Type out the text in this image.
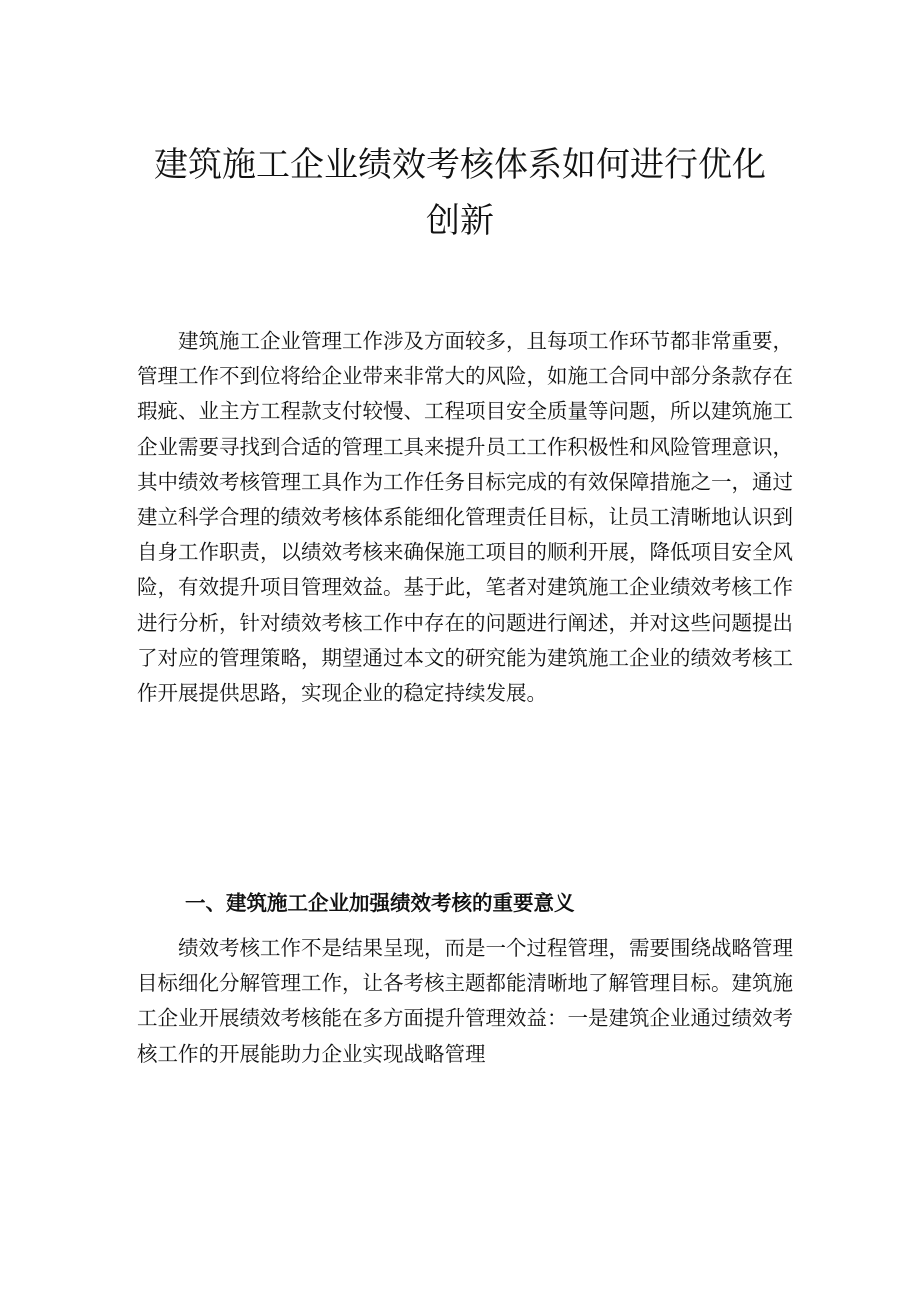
建筑施工企业绩效考核体系如何进行优化
创新

建筑施工企业管理工作涉及方面较多，且每项工作环节都非常重要，管理工作不到位将给企业带来非常大的风险，如施工合同中部分条款存在瑕疵、业主方工程款支付较慢、工程项目安全质量等问题，所以建筑施工企业需要寻找到合适的管理工具来提升员工工作积极性和风险管理意识，其中绩效考核管理工具作为工作任务目标完成的有效保障措施之一，通过建立科学合理的绩效考核体系能细化管理责任目标，让员工清晰地认识到自身工作职责，以绩效考核来确保施工项目的顺利开展，降低项目安全风险，有效提升项目管理效益。基于此，笔者对建筑施工企业绩效考核工作进行分析，针对绩效考核工作中存在的问题进行阐述，并对这些问题提出了对应的管理策略，期望通过本文的研究能为建筑施工企业的绩效考核工作开展提供思路，实现企业的稳定持续发展。

一、建筑施工企业加强绩效考核的重要意义

绩效考核工作不是结果呈现，而是一个过程管理，需要围绕战略管理目标细化分解管理工作，让各考核主题都能清晰地了解管理目标。建筑施工企业开展绩效考核能在多方面提升管理效益：一是建筑企业通过绩效考核工作的开展能助力企业实现战略管理
